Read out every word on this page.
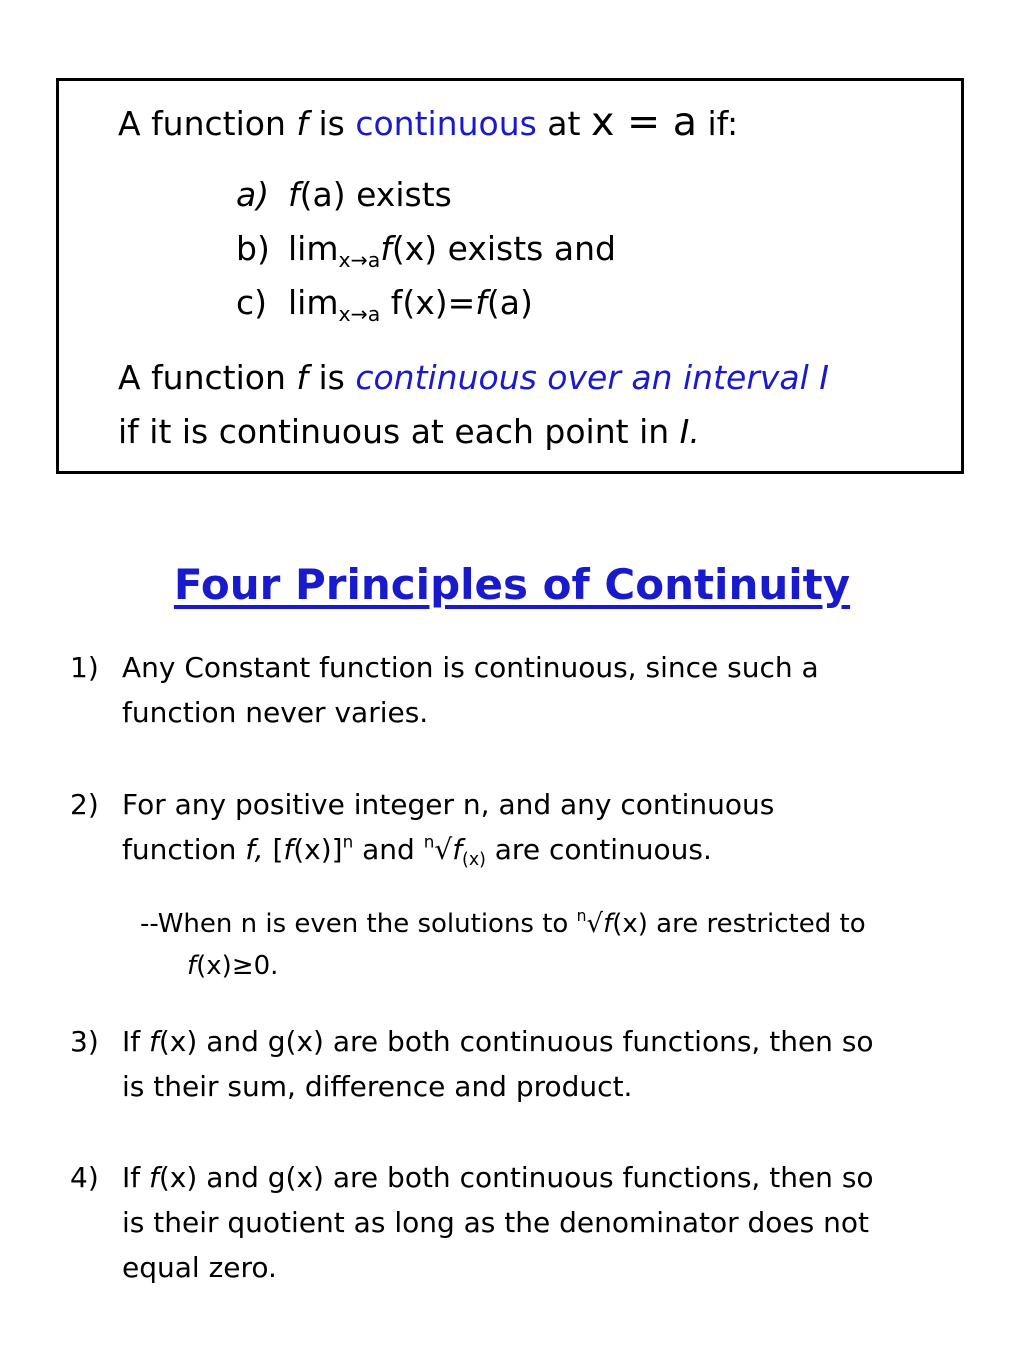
A function f is continuous at x = a if:
a) f(a) exists
b) $\lim_{x\to a}f(x)$ exists and
c) $\lim_{x\to a} f(x)=f(a)$
A function f is continuous over an interval I
if it is continuous at each point in I.
Four Principles of Continuity
1) Any Constant function is continuous, since such a
function never varies.
2) For any positive integer n, and any continuous
function f, $[f(x)]^n$ and $^n√f_{(x)}$ are continuous.
--When n is even the solutions to $^n$√f(x) are restricted to
f(x)≥0.
3) If f(x) and g(x) are both continuous functions, then so
is their sum, difference and product.
4) If f(x) and g(x) are both continuous functions, then so
is their quotient as long as the denominator does not
equal zero.
